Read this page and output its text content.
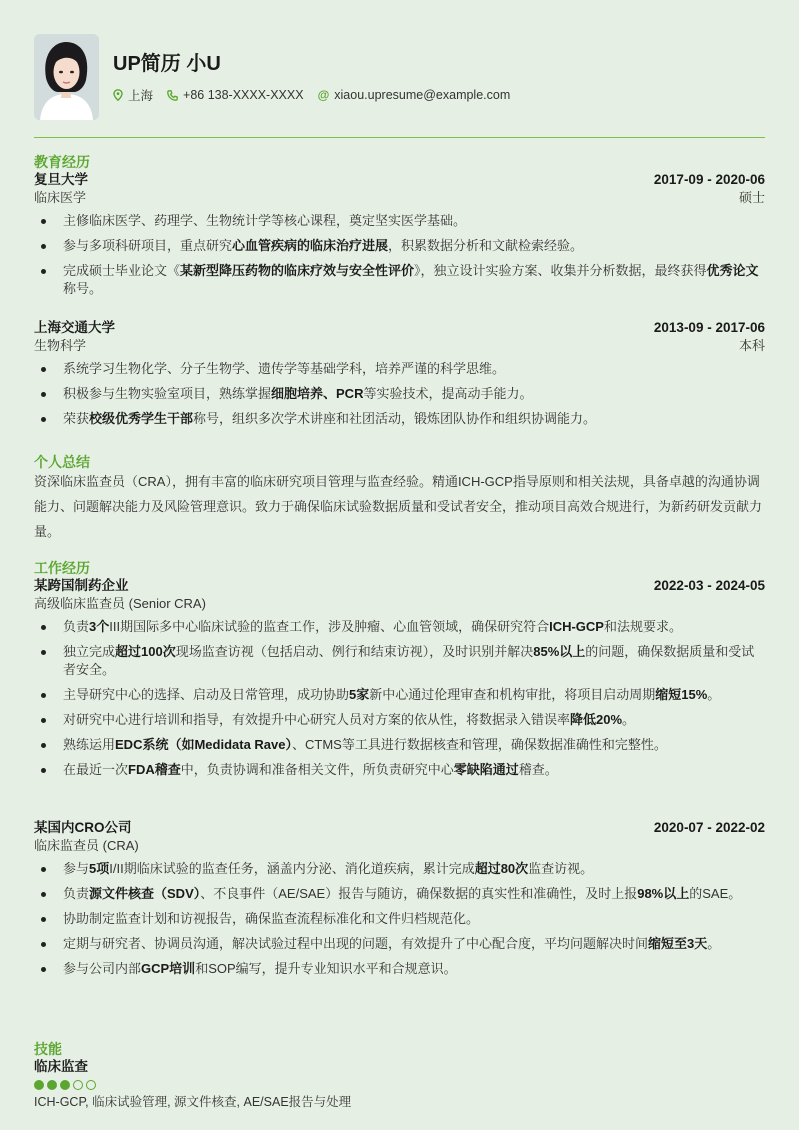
UP简历 小U
上海 +86 138-XXXX-XXXX @ xiaou.upresume@example.com
教育经历
复旦大学	2017-09 - 2020-06
临床医学	硕士
主修临床医学、药理学、生物统计学等核心课程，奠定坚实医学基础。
参与多项科研项目，重点研究心血管疾病的临床治疗进展，积累数据分析和文献检索经验。
完成硕士毕业论文《某新型降压药物的临床疗效与安全性评价》，独立设计实验方案、收集并分析数据，最终获得优秀论文称号。
上海交通大学	2013-09 - 2017-06
生物科学	本科
系统学习生物化学、分子生物学、遗传学等基础学科，培养严谨的科学思维。
积极参与生物实验室项目，熟练掌握细胞培养、PCR等实验技术，提高动手能力。
荣获校级优秀学生干部称号，组织多次学术讲座和社团活动，锻炼团队协作和组织协调能力。
个人总结
资深临床监查员（CRA），拥有丰富的临床研究项目管理与监查经验。精通ICH-GCP指导原则和相关法规，具备卓越的沟通协调能力、问题解决能力及风险管理意识。致力于确保临床试验数据质量和受试者安全，推动项目高效合规进行，为新药研发贡献力量。
工作经历
某跨国制药企业	2022-03 - 2024-05
高级临床监查员 (Senior CRA)
负责3个III期国际多中心临床试验的监查工作，涉及肿瘤、心血管领域，确保研究符合ICH-GCP和法规要求。
独立完成超过100次现场监查访视（包括启动、例行和结束访视），及时识别并解决85%以上的问题，确保数据质量和受试者安全。
主导研究中心的选择、启动及日常管理，成功协助5家新中心通过伦理审查和机构审批，将项目启动周期缩短15%。
对研究中心进行培训和指导，有效提升中心研究人员对方案的依从性，将数据录入错误率降低20%。
熟练运用EDC系统（如Medidata Rave）、CTMS等工具进行数据核查和管理，确保数据准确性和完整性。
在最近一次FDA稽查中，负责协调和准备相关文件，所负责研究中心零缺陷通过稽查。
某国内CRO公司	2020-07 - 2022-02
临床监查员 (CRA)
参与5项I/II期临床试验的监查任务，涵盖内分泌、消化道疾病，累计完成超过80次监查访视。
负责源文件核查（SDV）、不良事件（AE/SAE）报告与随访，确保数据的真实性和准确性，及时上报98%以上的SAE。
协助制定监查计划和访视报告，确保监查流程标准化和文件归档规范化。
定期与研究者、协调员沟通，解决试验过程中出现的问题，有效提升了中心配合度，平均问题解决时间缩短至3天。
参与公司内部GCP培训和SOP编写，提升专业知识水平和合规意识。
技能
临床监查
ICH-GCP, 临床试验管理, 源文件核查, AE/SAE报告与处理
